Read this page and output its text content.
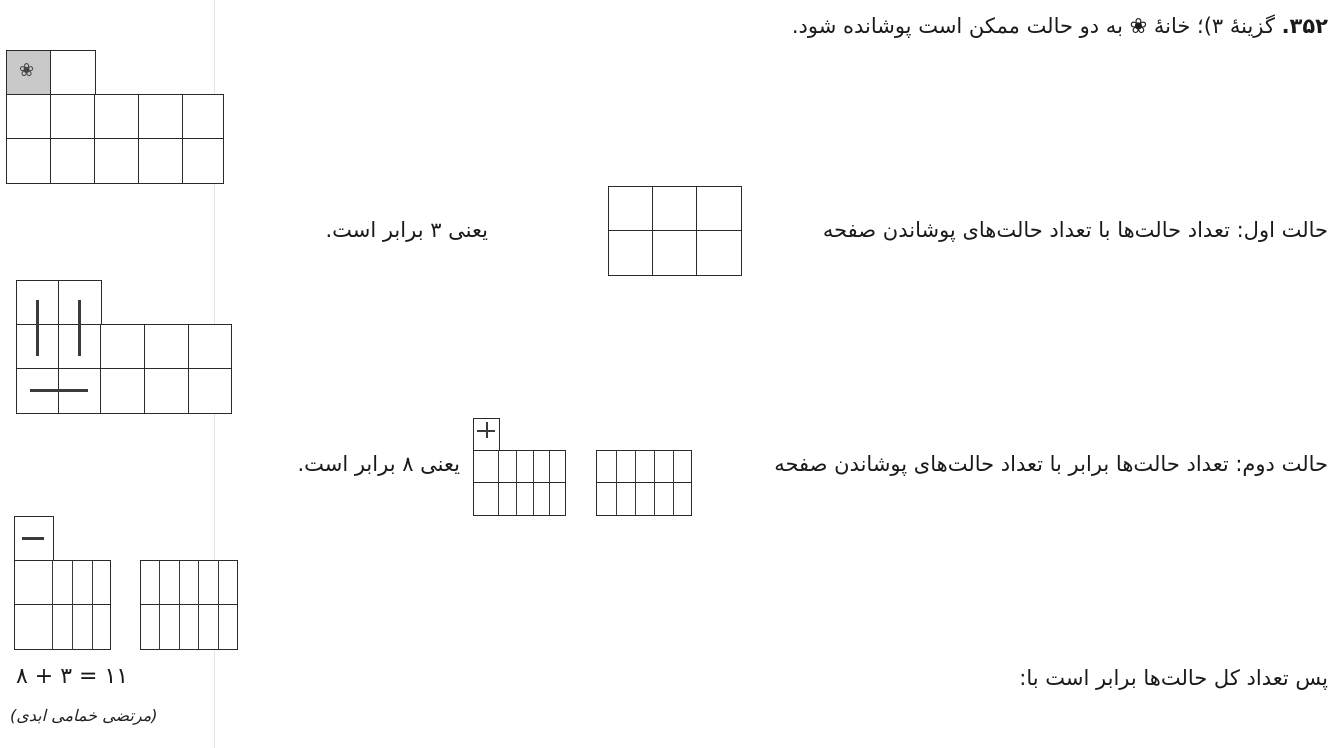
۳۵۲. گزینهٔ ۳)؛ خانهٔ ❀ به دو حالت ممکن است پوشانده شود.
حالت اول: تعداد حالت‌ها با تعداد حالت‌های پوشاندن صفحه
یعنی ۳ برابر است.
حالت دوم: تعداد حالت‌ها برابر با تعداد حالت‌های پوشاندن صفحه
یعنی ۸ برابر است.
پس تعداد کل حالت‌ها برابر است با:
❀
۸ + ۳ = ۱۱
(مرتضی خمامی ابدی)
